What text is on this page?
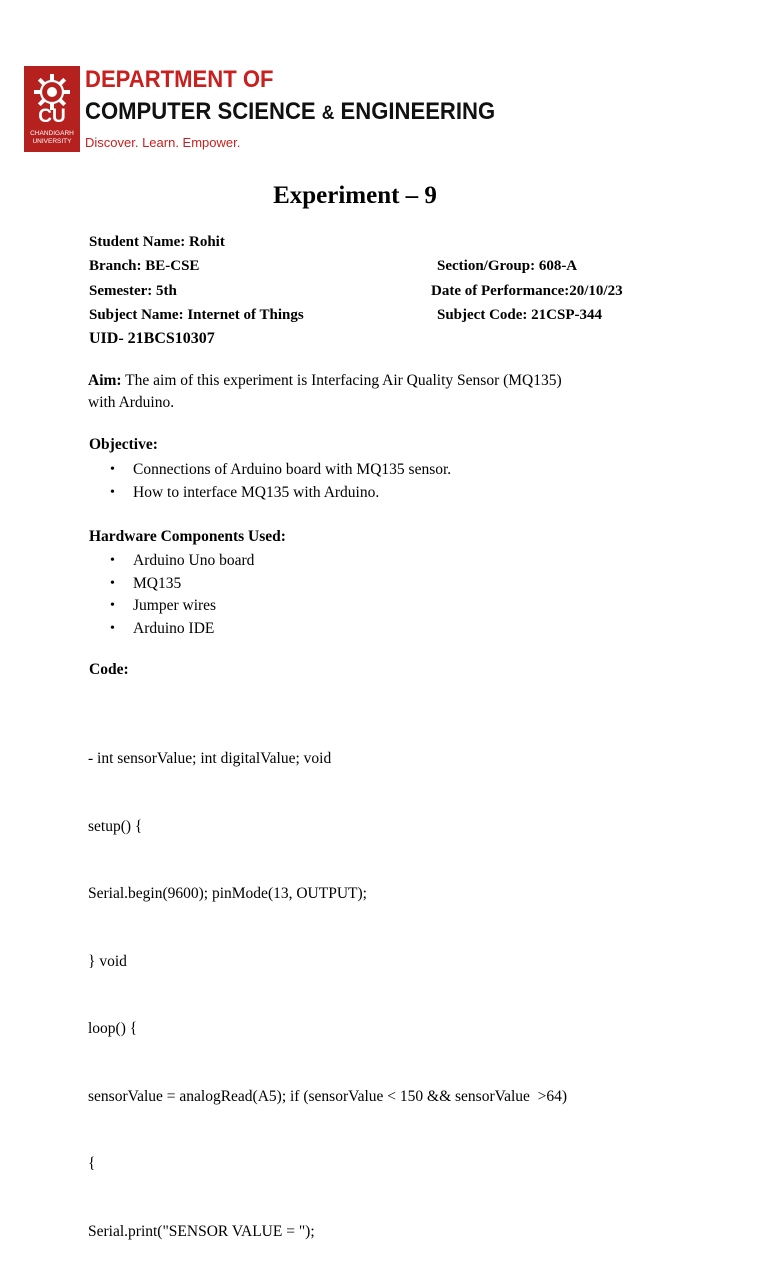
CU
CHANDIGARH
UNIVERSITY
DEPARTMENT OF
COMPUTER SCIENCE & ENGINEERING
Discover. Learn. Empower.
Experiment – 9
Student Name: Rohit
Branch: BE-CSE	Section/Group: 608-A
Semester: 5th	Date of Performance:20/10/23
Subject Name: Internet of Things	Subject Code: 21CSP-344
UID- 21BCS10307
Aim: The aim of this experiment is Interfacing Air Quality Sensor (MQ135)
with Arduino.
Objective:
• Connections of Arduino board with MQ135 sensor.
• How to interface MQ135 with Arduino.
Hardware Components Used:
• Arduino Uno board
• MQ135
• Jumper wires
• Arduino IDE
Code:

- int sensorValue; int digitalValue; void

setup() {

Serial.begin(9600); pinMode(13, OUTPUT);

} void

loop() {

sensorValue = analogRead(A5); if (sensorValue < 150 && sensorValue  >64)

{

Serial.print("SENSOR VALUE = ");
